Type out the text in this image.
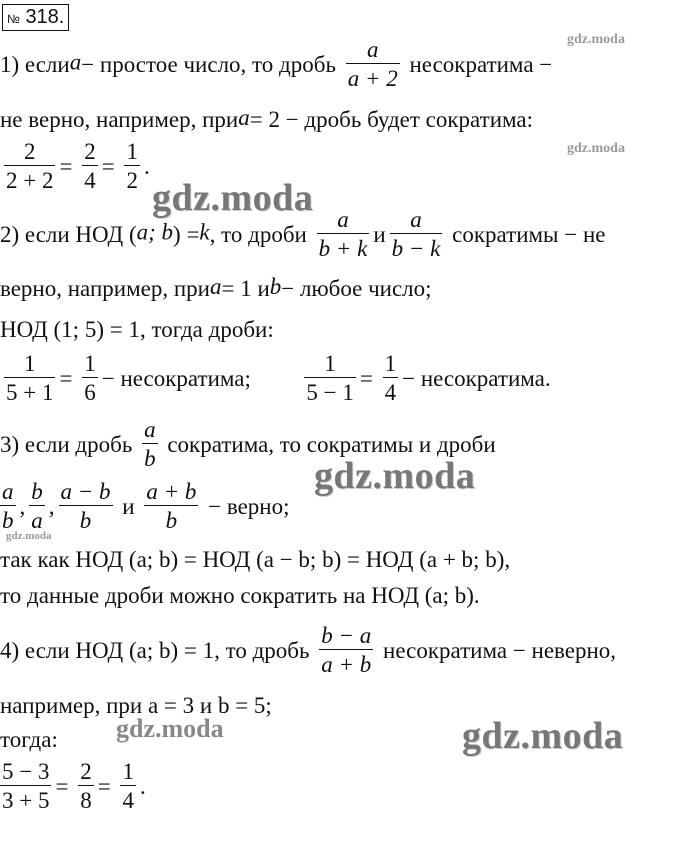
№ 318.
gdz.moda
gdz.moda
gdz.moda
gdz.moda
gdz.moda
gdz.moda	gdz.moda
1) еслиa− простое число, то дробь $\frac{a}{a + 2}$ несократима −
не верно, например, приa= 2 − дробь будет сократима:
$\frac{2}{2 + 2} = \frac{2}{4} = \frac{1}{2}$ .
2) если НОД (a; b) =k, то дроби $\frac{a}{b + k}$ и $\frac{a}{b - k}$ сократимы − не
верно, например, приa= 1 иb− любое число;
НОД (1; 5) = 1, тогда дроби:
$\frac{1}{5 + 1} = \frac{1}{6}$ − несократима; $\frac{1}{5 - 1} = \frac{1}{4}$ − несократима.
3) если дробь $\frac{a}{b}$ сократима, то сократимы и дроби
$\frac{a}{b}$ , $\frac{b}{a}$ , $\frac{a - b}{b}$ и $\frac{a + b}{b}$ − верно;
так как НОД (a; b) = НОД (a − b; b) = НОД (a + b; b),
то данные дроби можно сократить на НОД (a; b).
4) если НОД (a; b) = 1, то дробь $\frac{b - a}{a + b}$ несократима − неверно,
например, при a = 3 и b = 5;
тогда:
$\frac{5 - 3}{3 + 5} = \frac{2}{8} = \frac{1}{4}$ .
